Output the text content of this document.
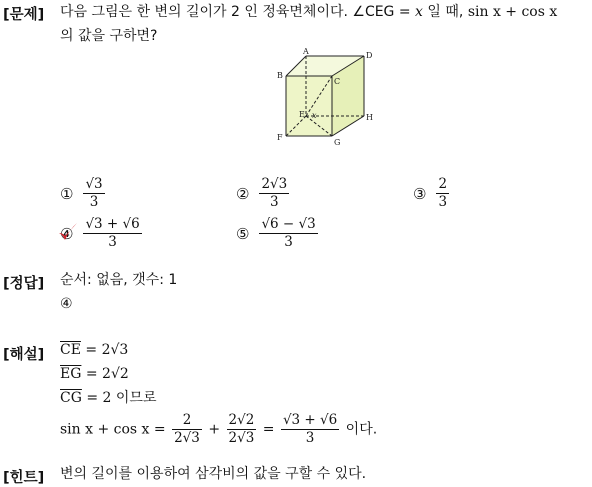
[문제] 다음 그림은 한 변의 길이가 2 인 정육면체이다. ∠CEG = x 일 때, sin x + cos x
의 값을 구하면?
A
B
C
D
E
F
G
H
x
① $\frac{√3}{3}$	② $\frac{2√3}{3}$	③ $\frac{2}{3}$
④ $\frac{√3 + √6}{3}$	⑤ $\frac{√6 - √3}{3}$
[정답] 순서: 없음, 갯수: 1
④
[해설] $\overline{CE} = 2√3$
$\overline{EG} = 2√2$
$\overline{CG} = 2$ 이므로
$\sin x + \cos x = \frac{2}{2√3} + \frac{2√2}{2√3} = \frac{√3 + √6}{3}$ 이다.
[힌트] 변의 길이를 이용하여 삼각비의 값을 구할 수 있다.
